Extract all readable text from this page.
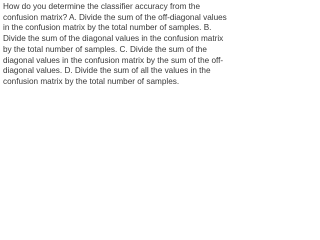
How do you determine the classifier accuracy from the confusion matrix? A. Divide the sum of the off-diagonal values in the confusion matrix by the total number of samples. B. Divide the sum of the diagonal values in the confusion matrix by the total number of samples. C. Divide the sum of the diagonal values in the confusion matrix by the sum of the off-diagonal values. D. Divide the sum of all the values in the confusion matrix by the total number of samples.
